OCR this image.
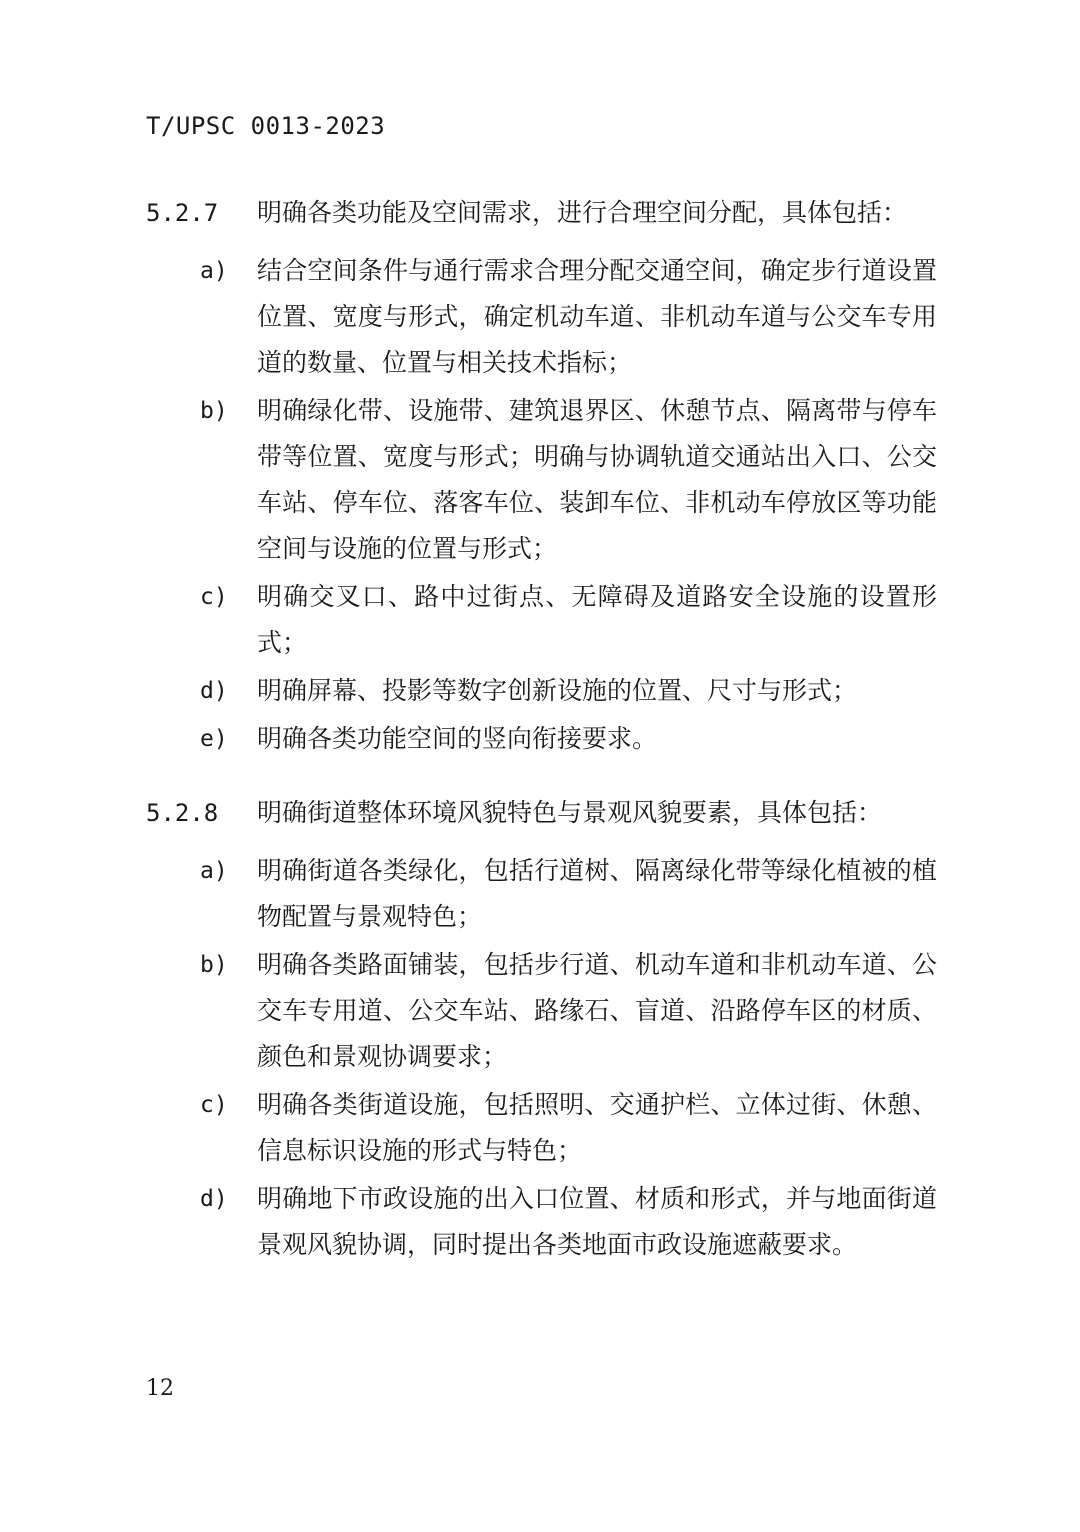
T/UPSC 0013-2023

5.2.7 明确各类功能及空间需求，进行合理空间分配，具体包括：
a) 结合空间条件与通行需求合理分配交通空间，确定步行道设置位置、宽度与形式，确定机动车道、非机动车道与公交车专用道的数量、位置与相关技术指标；
b) 明确绿化带、设施带、建筑退界区、休憩节点、隔离带与停车带等位置、宽度与形式；明确与协调轨道交通站出入口、公交车站、停车位、落客车位、装卸车位、非机动车停放区等功能空间与设施的位置与形式；
c) 明确交叉口、路中过街点、无障碍及道路安全设施的设置形式；
d) 明确屏幕、投影等数字创新设施的位置、尺寸与形式；
e) 明确各类功能空间的竖向衔接要求。
5.2.8 明确街道整体环境风貌特色与景观风貌要素，具体包括：
a) 明确街道各类绿化，包括行道树、隔离绿化带等绿化植被的植物配置与景观特色；
b) 明确各类路面铺装，包括步行道、机动车道和非机动车道、公交车专用道、公交车站、路缘石、盲道、沿路停车区的材质、颜色和景观协调要求；
c) 明确各类街道设施，包括照明、交通护栏、立体过街、休憩、信息标识设施的形式与特色；
d) 明确地下市政设施的出入口位置、材质和形式，并与地面街道景观风貌协调，同时提出各类地面市政设施遮蔽要求。

12
